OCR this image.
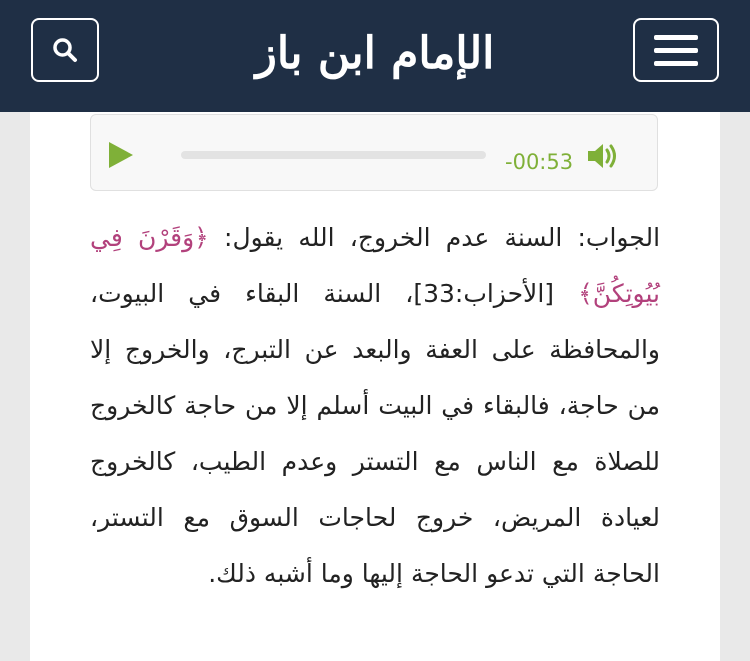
الإمام ابن باز
-00:53
الجواب: السنة عدم الخروج، الله يقول: ﴿وَقَرْنَ فِي بُيُوتِكُنَّ﴾ [الأحزاب:33]، السنة البقاء في البيوت، والمحافظة على العفة والبعد عن التبرج، والخروج إلا من حاجة، فالبقاء في البيت أسلم إلا من حاجة كالخروج للصلاة مع الناس مع التستر وعدم الطيب، كالخروج لعيادة المريض، خروج لحاجات السوق مع التستر، الحاجة التي تدعو الحاجة إليها وما أشبه ذلك.
